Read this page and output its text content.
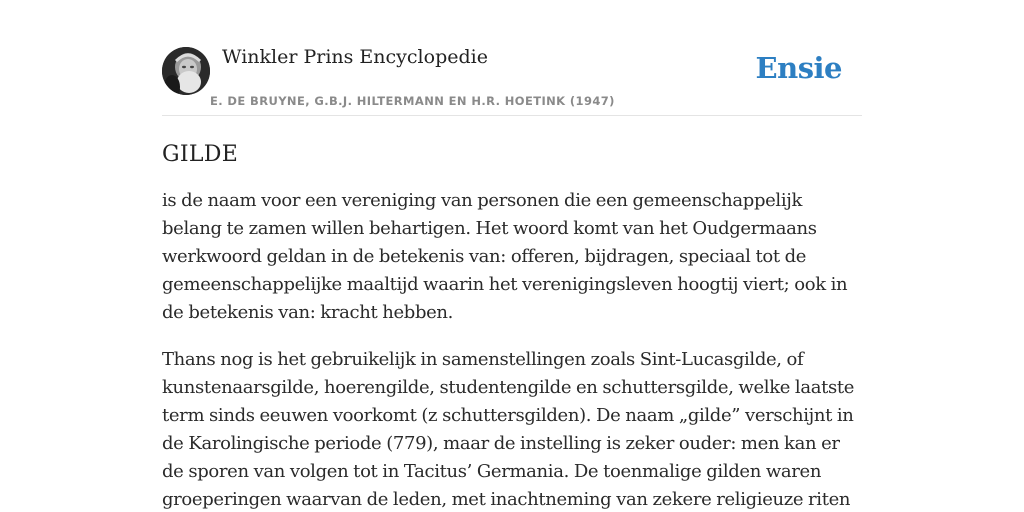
Winkler Prins Encyclopedie
E. DE BRUYNE, G.B.J. HILTERMANN EN H.R. HOETINK (1947)
Ensie
GILDE

is de naam voor een vereniging van personen die een gemeenschappelijk belang te zamen willen behartigen. Het woord komt van het Oudgermaans werkwoord geldan in de betekenis van: offeren, bijdragen, speciaal tot de gemeenschappelijke maaltijd waarin het verenigingsleven hoogtij viert; ook in de betekenis van: kracht hebben.

Thans nog is het gebruikelijk in samenstellingen zoals Sint-Lucasgilde, of kunstenaarsgilde, hoerengilde, studentengilde en schuttersgilde, welke laatste term sinds eeuwen voorkomt (z schuttersgilden). De naam „gilde” verschijnt in de Karolingische periode (779), maar de instelling is zeker ouder: men kan er de sporen van volgen tot in Tacitus’ Germania. De toenmalige gilden waren groeperingen waarvan de leden, met inachtneming van zekere religieuze riten
